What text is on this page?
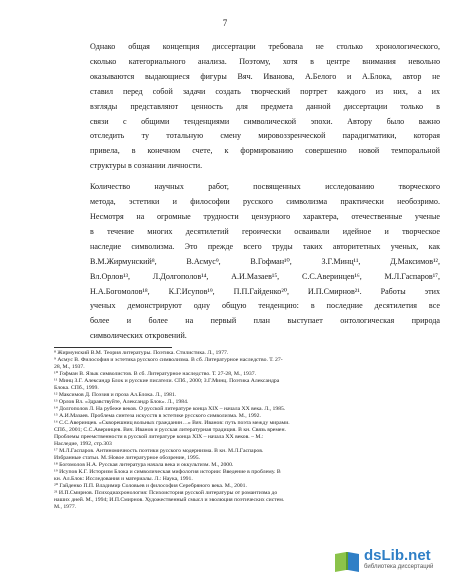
7

Однако общая концепция диссертации требовала не столько хронологического,
сколько категориального анализа. Поэтому, хотя в центре внимания невольно
оказываются выдающиеся фигуры Вяч. Иванова, А.Белого и А.Блока, автор не
ставил перед собой задачи создать творческий портрет каждого из них, а их
взгляды представляют ценность для предмета данной диссертации только в
связи с общими тенденциями символической эпохи. Автору было важно
отследить ту тотальную смену мировоззренческой парадигматики, которая
привела, в конечном счете, к формированию совершенно новой темпоральной
структуры в сознании личности.

Количество научных работ, посвященных исследованию творческого
метода, эстетики и философии русского символизма практически необозримо.
Несмотря на огромные трудности цензурного характера, отечественные ученые
в течение многих десятилетий героически осваивали идейное и творческое
наследие символизма. Это прежде всего труды таких авторитетных ученых, как
В.М.Жирмунский⁸, В.Асмус⁹, В.Гофман¹⁰, З.Г.Минц¹¹, Д.Максимов¹²,
Вл.Орлов¹³, Л.Долгополов¹⁴, А.И.Мазаев¹⁵, С.С.Аверинцев¹⁶, М.Л.Гаспаров¹⁷,
Н.А.Богомолов¹⁸, К.Г.Исупов¹⁹, П.П.Гайденко²⁰, И.П.Смирнов²¹. Работы этих
ученых демонстрируют одну общую тенденцию: в последние десятилетия все
более и более на первый план выступает онтологическая природа
символических откровений.

⁸ Жирмунский В.М. Теория литературы. Поэтика. Стилистика. Л., 1977.

⁹ Асмус В. Философия и эстетика русского символизма. В сб. Литературное наследство. Т. 27-

28, М., 1937.

¹⁰ Гофман В. Язык символистов. В сб. Литературное наследство. Т. 27-28, М., 1937.

¹¹ Минц З.Г. Александр Блок и русские писатели. СПб., 2000; З.Г.Минц. Поэтика Александра

Блока. СПб., 1999.

¹² Максимов Д. Поэзия и проза Ал.Блока. Л., 1981.

¹³ Орлов Вл. «Здравствуйте, Александр Блок». Л., 1984.

¹⁴ Долгополов Л. На рубеже веков. О русской литературе конца XIX – начала XX века. Л., 1985.

¹⁵ А.И.Мазаев. Проблема синтеза искусств в эстетике русского символизма. М., 1992.

¹⁶ С.С.Аверинцев. «Скворешниц вольных гражданин…» Вяч. Иванов: путь поэта между мирами.

СПб., 2001; С.С.Аверинцев. Вяч. Иванов и русская литературная традиция. В кн. Связь времен.

Проблемы преемственности в русской литературе конца XIX – начала XX веков. – М.:

Наследие, 1992, стр.303

¹⁷ М.Л.Гаспаров. Антиномичность поэтики русского модернизма. В кн. М.Л.Гаспаров.

Избранные статьи. М.:Новое литературное обозрение, 1995.

¹⁸ Богомолов Н.А. Русская литература начала века и оккультизм. М., 2000.

¹⁹ Исупов К.Г. Историзм Блока и символическая мифология истории: Введение в проблему. В

кн. Ал.Блок: Исследования и материалы. Л.: Наука, 1991.

²⁰ Гайденко П.П. Владимир Соловьев и философия Серебряного века. М., 2001.

²¹ И.П.Смирнов. Психодиахронология: Психоистория русской литературы от романтизма до

наших дней. М., 1994; И.П.Смирнов. Художественный смысл и эволюция поэтических систем.

М., 1977.

dsLib.net
библиотека диссертаций
